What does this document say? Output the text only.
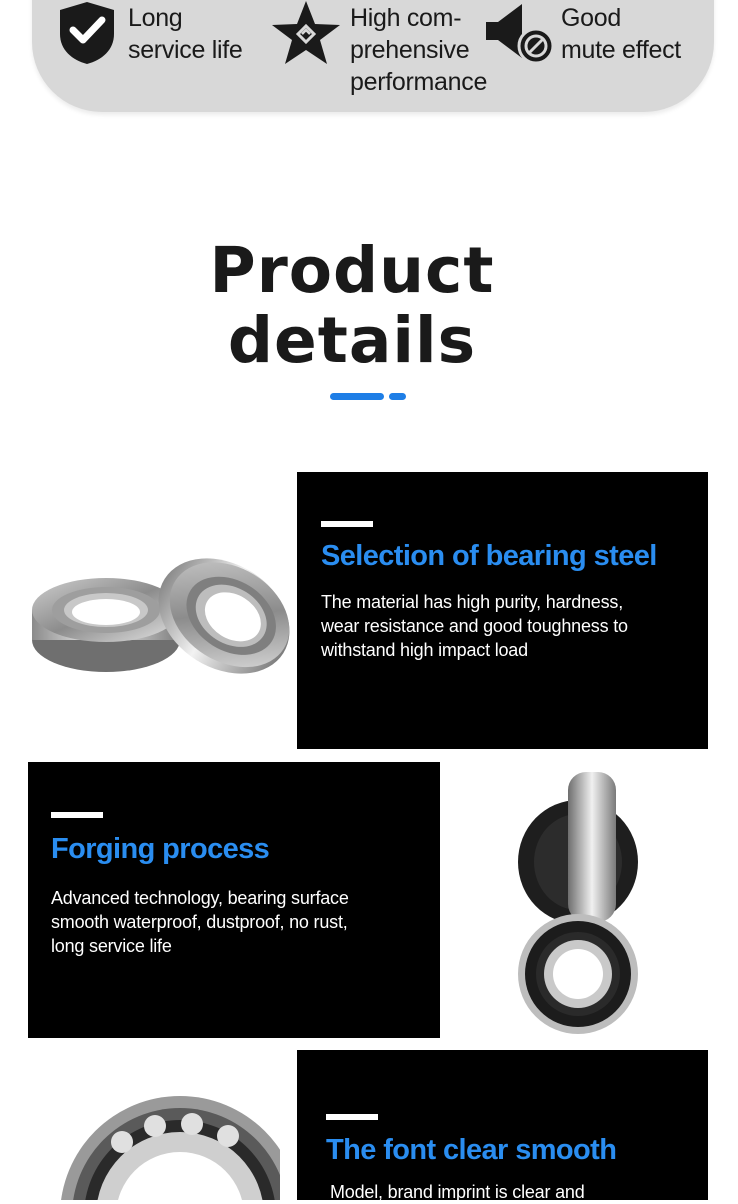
Long
service life
High com-
prehensive
performance
Good
mute effect
Product
details
Selection of bearing steel
The material has high purity, hardness, wear resistance and good toughness to withstand high impact load
Forging process
Advanced technology, bearing surface smooth waterproof, dustproof, no rust, long service life
The font clear smooth
Model, brand imprint is clear and
